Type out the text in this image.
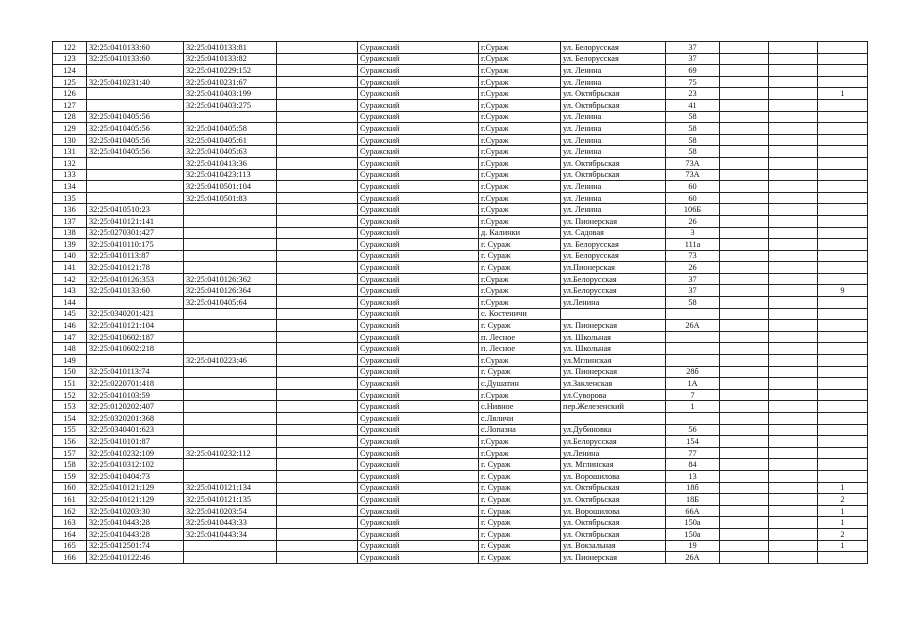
122	32:25:0410133:60	32:25:0410133:81		Суражский	г.Сураж	ул. Белорусская	37			
123	32:25:0410133:60	32:25:0410133:82		Суражский	г.Сураж	ул. Белорусская	37			
124		32:25:0410229:152		Суражский	г.Сураж	ул. Ленина	69			
125	32:25:0410231:40	32:25:0410231:67		Суражский	г.Сураж	ул. Ленина	75			
126		32:25:0410403:199		Суражский	г.Сураж	ул. Октябрьская	23			1
127		32:25:0410403:275		Суражский	г.Сураж	ул. Октябрьская	41			
128	32:25:0410405:56			Суражский	г.Сураж	ул. Ленина	58			
129	32:25:0410405:56	32:25:0410405:58		Суражский	г.Сураж	ул. Ленина	58			
130	32:25:0410405:56	32:25:0410405:61		Суражский	г.Сураж	ул. Ленина	58			
131	32:25:0410405:56	32:25:0410405:63		Суражский	г.Сураж	ул. Ленина	58			
132		32:25:0410413:36		Суражский	г.Сураж	ул. Октябрьская	73А			
133		32:25:0410423:113		Суражский	г.Сураж	ул. Октябрьская	73А			
134		32:25:0410501:104		Суражский	г.Сураж	ул. Ленина	60			
135		32:25:0410501:83		Суражский	г.Сураж	ул. Ленина	60			
136	32:25:0410510:23			Суражский	г.Сураж	ул. Ленина	106Б			
137	32:25:0410121:141			Суражский	г.Сураж	ул. Пионерская	26			
138	32:25:0270301:427			Суражский	д. Калинки	ул. Садовая	3			
139	32:25:0410110:175			Суражский	г. Сураж	ул. Белорусская	111а			
140	32:25:0410113:87			Суражский	г. Сураж	ул. Белорусская	73			
141	32:25:0410121:78			Суражский	г. Сураж	ул.Пионерская	26			
142	32:25:0410126:353	32:25:0410126:362		Суражский	г.Сураж	ул.Белорусская	37			
143	32:25:0410133:60	32:25:0410126:364		Суражский	г.Сураж	ул.Белорусская	37			9
144		32:25:0410405:64		Суражский	г.Сураж	ул.Ленина	58			
145	32:25:0340201:421			Суражский	с. Костеничи					
146	32:25:0410121:104			Суражский	г. Сураж	ул. Пионерская	26А			
147	32:25:0410602:187			Суражский	п. Лесное	ул. Школьная				
148	32:25:0410602:218			Суражский	п. Лесное	ул. Школьная				
149		32:25:0410223:46		Суражский	г.Сураж	ул.Мглинская				
150	32:25:0410113:74			Суражский	г. Сураж	ул. Пионерская	28б			
151	32:25:0220701:418			Суражский	с.Душатин	ул.Закленская	1А			
152	32:25:0410103:59			Суражский	г.Сураж	ул.Суворова	7			
153	32:25:0120202:407			Суражский	с.Нивное	пер.Железенский	1			
154	32:25:0320201:368			Суражский	с.Ляличи					
155	32:25:0340401:623			Суражский	с.Лопазна	ул.Дубиновка	56			
156	32:25:0410101:87			Суражский	г.Сураж	ул.Белорусская	154			
157	32:25:0410232:109	32:25:0410232:112		Суражский	г.Сураж	ул.Ленина	77			
158	32:25:0410312:102			Суражский	г. Сураж	ул. Мглинская	84			
159	32:25:0410404:73			Суражский	г. Сураж	ул. Ворошилова	13			
160	32:25:0410121:129	32:25:0410121:134		Суражский	г. Сураж	ул. Октябрьская	18б			1
161	32:25:0410121:129	32:25:0410121:135		Суражский	г. Сураж	ул. Октябрьская	18Б			2
162	32:25:0410203:30	32:25:0410203:54		Суражский	г. Сураж	ул. Ворошилова	66А			1
163	32:25:0410443:28	32:25:0410443:33		Суражский	г. Сураж	ул. Октябрьская	150а			1
164	32:25:0410443:28	32:25:0410443:34		Суражский	г. Сураж	ул. Октябрьская	150а			2
165	32:25:0412501:74			Суражский	г. Сураж	ул. Вокзальная	19			1
166	32:25:0410122:46			Суражский	г. Сураж	ул. Пионерская	26А			
